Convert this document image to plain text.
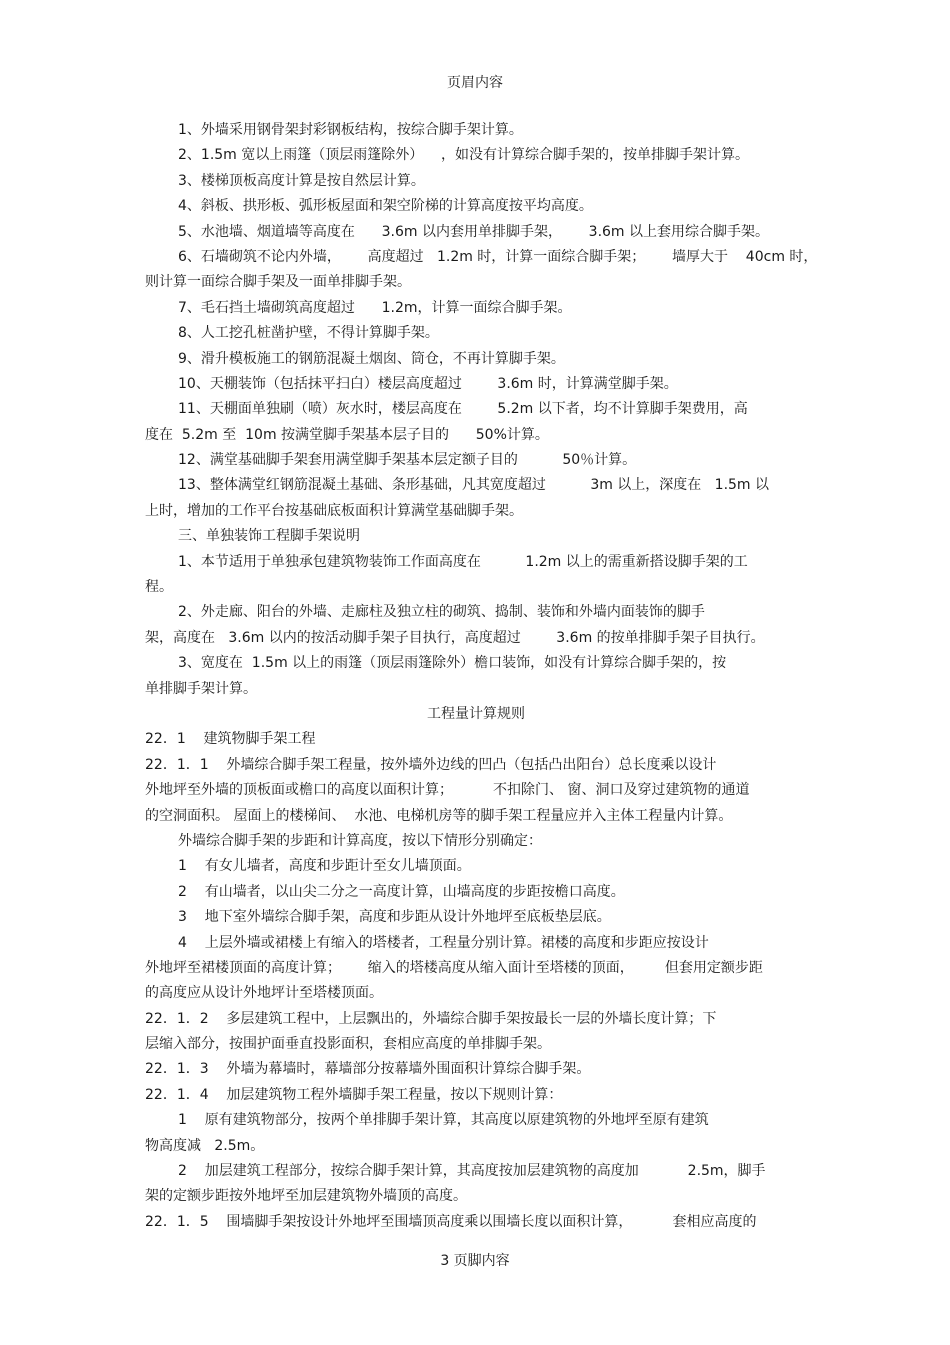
页眉内容
1、外墙采用钢骨架封彩钢板结构，按综合脚手架计算。
2、1.5m 宽以上雨篷（顶层雨篷除外）    ，如没有计算综合脚手架的，按单排脚手架计算。
3、楼梯顶板高度计算是按自然层计算。
4、斜板、拱形板、弧形板屋面和架空阶梯的计算高度按平均高度。
5、水池墙、烟道墙等高度在      3.6m 以内套用单排脚手架，      3.6m 以上套用综合脚手架。
6、石墙砌筑不论内外墙，      高度超过   1.2m 时，计算一面综合脚手架；      墙厚大于    40cm 时，
则计算一面综合脚手架及一面单排脚手架。
7、毛石挡土墙砌筑高度超过      1.2m，计算一面综合脚手架。
8、人工挖孔桩凿护壁，不得计算脚手架。
9、滑升模板施工的钢筋混凝土烟囱、筒仓，不再计算脚手架。
10、天棚装饰（包括抹平扫白）楼层高度超过        3.6m 时，计算满堂脚手架。
11、天棚面单独刷（喷）灰水时，楼层高度在        5.2m 以下者，均不计算脚手架费用，高
度在  5.2m 至  10m 按满堂脚手架基本层子目的      50%计算。
12、满堂基础脚手架套用满堂脚手架基本层定额子目的          50％计算。
13、整体满堂红钢筋混凝土基础、条形基础，凡其宽度超过          3m 以上，深度在   1.5m 以
上时，增加的工作平台按基础底板面积计算满堂基础脚手架。
三、单独装饰工程脚手架说明
1、本节适用于单独承包建筑物装饰工作面高度在          1.2m 以上的需重新搭设脚手架的工
程。
2、外走廊、阳台的外墙、走廊柱及独立柱的砌筑、捣制、装饰和外墙内面装饰的脚手
架，高度在   3.6m 以内的按活动脚手架子目执行，高度超过        3.6m 的按单排脚手架子目执行。
3、宽度在  1.5m 以上的雨篷（顶层雨篷除外）檐口装饰，如没有计算综合脚手架的，按
单排脚手架计算。
工程量计算规则
22．1    建筑物脚手架工程
22．1．1    外墙综合脚手架工程量，按外墙外边线的凹凸（包括凸出阳台）总长度乘以设计
外地坪至外墙的顶板面或檐口的高度以面积计算；         不扣除门、 窗、洞口及穿过建筑物的通道
的空洞面积。 屋面上的楼梯间、  水池、电梯机房等的脚手架工程量应并入主体工程量内计算。
外墙综合脚手架的步距和计算高度，按以下情形分别确定：
1    有女儿墙者，高度和步距计至女儿墙顶面。
2    有山墙者，以山尖二分之一高度计算，山墙高度的步距按檐口高度。
3    地下室外墙综合脚手架，高度和步距从设计外地坪至底板垫层底。
4    上层外墙或裙楼上有缩入的塔楼者，工程量分别计算。裙楼的高度和步距应按设计
外地坪至裙楼顶面的高度计算；      缩入的塔楼高度从缩入面计至塔楼的顶面，       但套用定额步距
的高度应从设计外地坪计至塔楼顶面。
22．1．2    多层建筑工程中，上层飘出的，外墙综合脚手架按最长一层的外墙长度计算；下
层缩入部分，按围护面垂直投影面积，套相应高度的单排脚手架。
22．1．3    外墙为幕墙时，幕墙部分按幕墙外围面积计算综合脚手架。
22．1．4    加层建筑物工程外墙脚手架工程量，按以下规则计算：
1    原有建筑物部分，按两个单排脚手架计算，其高度以原建筑物的外地坪至原有建筑
物高度减   2.5m。
2    加层建筑工程部分，按综合脚手架计算，其高度按加层建筑物的高度加           2.5m，脚手
架的定额步距按外地坪至加层建筑物外墙顶的高度。
22．1．5    围墙脚手架按设计外地坪至围墙顶高度乘以围墙长度以面积计算，         套相应高度的
3 页脚内容
